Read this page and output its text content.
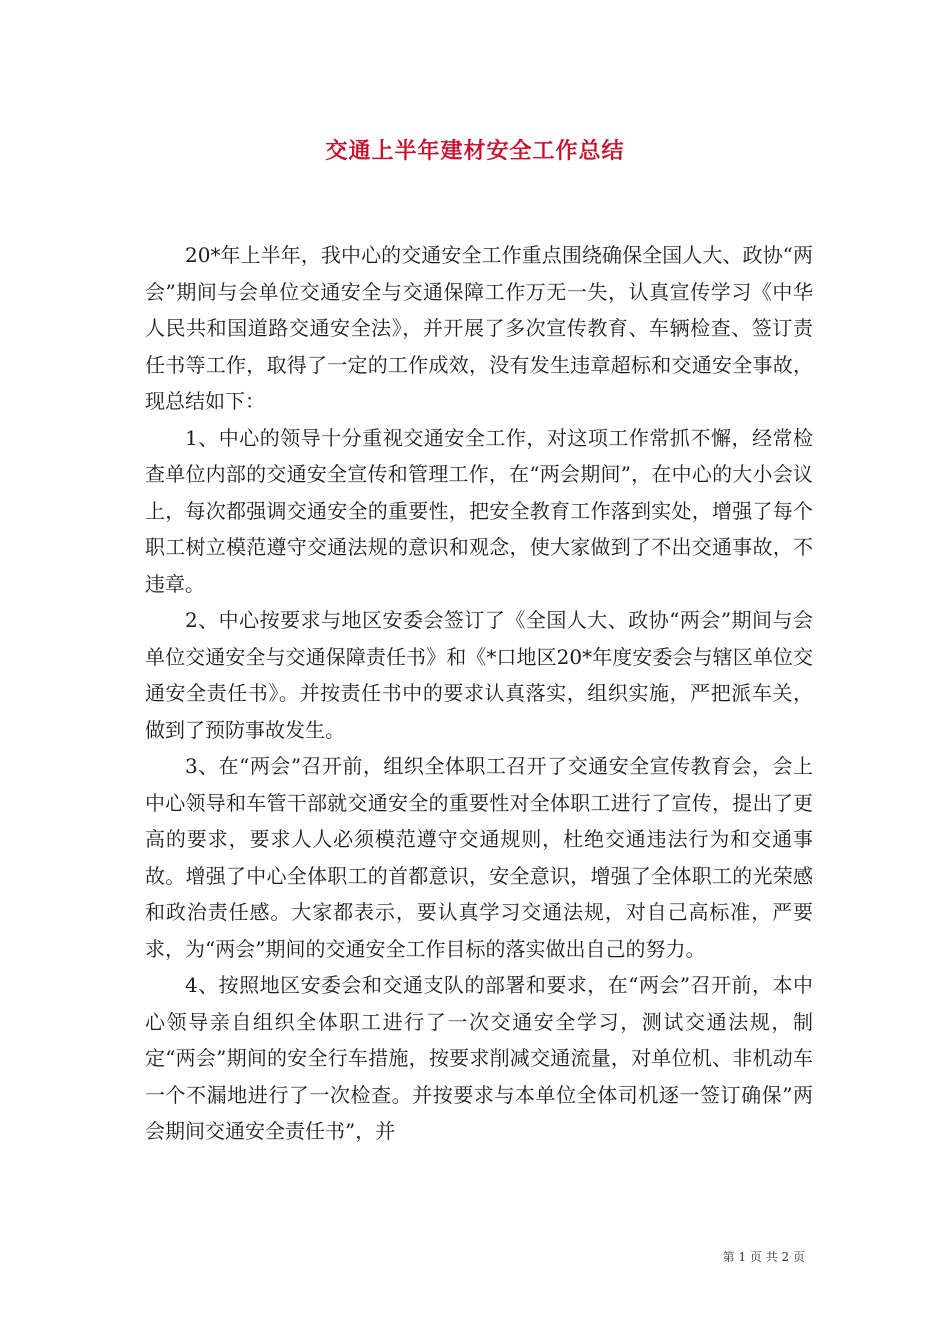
交通上半年建材安全工作总结

20*年上半年，我中心的交通安全工作重点围绕确保全国人大、政协“两会”期间与会单位交通安全与交通保障工作万无一失，认真宣传学习《中华人民共和国道路交通安全法》，并开展了多次宣传教育、车辆检查、签订责任书等工作，取得了一定的工作成效，没有发生违章超标和交通安全事故，现总结如下：

1、中心的领导十分重视交通安全工作，对这项工作常抓不懈，经常检查单位内部的交通安全宣传和管理工作，在“两会期间”，在中心的大小会议上，每次都强调交通安全的重要性，把安全教育工作落到实处，增强了每个职工树立模范遵守交通法规的意识和观念，使大家做到了不出交通事故，不违章。

2、中心按要求与地区安委会签订了《全国人大、政协“两会”期间与会单位交通安全与交通保障责任书》和《*口地区20*年度安委会与辖区单位交通安全责任书》。并按责任书中的要求认真落实，组织实施，严把派车关，做到了预防事故发生。

3、在“两会”召开前，组织全体职工召开了交通安全宣传教育会，会上中心领导和车管干部就交通安全的重要性对全体职工进行了宣传，提出了更高的要求，要求人人必须模范遵守交通规则，杜绝交通违法行为和交通事故。增强了中心全体职工的首都意识，安全意识，增强了全体职工的光荣感和政治责任感。大家都表示，要认真学习交通法规，对自己高标准，严要求，为“两会”期间的交通安全工作目标的落实做出自己的努力。

4、按照地区安委会和交通支队的部署和要求，在“两会”召开前，本中心领导亲自组织全体职工进行了一次交通安全学习，测试交通法规，制定“两会”期间的安全行车措施，按要求削减交通流量，对单位机、非机动车一个不漏地进行了一次检查。并按要求与本单位全体司机逐一签订确保”两会期间交通安全责任书”，并

第 1 页 共 2 页
